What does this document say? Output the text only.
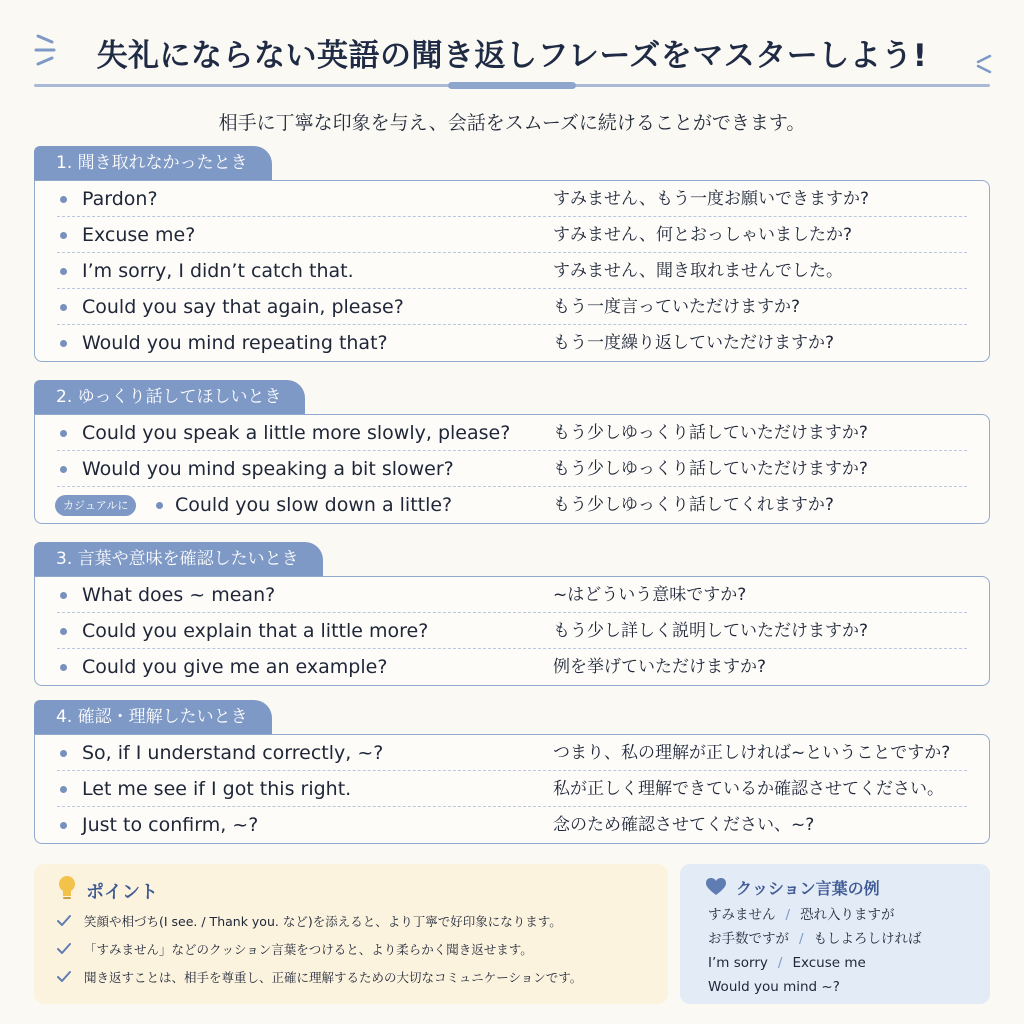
失礼にならない英語の聞き返しフレーズをマスターしよう!
相手に丁寧な印象を与え、会話をスムーズに続けることができます。
1. 聞き取れなかったとき
Pardon?	すみません、もう一度お願いできますか?
Excuse me?	すみません、何とおっしゃいましたか?
I’m sorry, I didn’t catch that.	すみません、聞き取れませんでした。
Could you say that again, please?	もう一度言っていただけますか?
Would you mind repeating that?	もう一度繰り返していただけますか?
2. ゆっくり話してほしいとき
Could you speak a little more slowly, please?	もう少しゆっくり話していただけますか?
Would you mind speaking a bit slower?	もう少しゆっくり話していただけますか?
カジュアルに	Could you slow down a little?	もう少しゆっくり話してくれますか?
3. 言葉や意味を確認したいとき
What does ~ mean?	~はどういう意味ですか?
Could you explain that a little more?	もう少し詳しく説明していただけますか?
Could you give me an example?	例を挙げていただけますか?
4. 確認・理解したいとき
So, if I understand correctly, ~?	つまり、私の理解が正しければ~ということですか?
Let me see if I got this right.	私が正しく理解できているか確認させてください。
Just to confirm, ~?	念のため確認させてください、~?
ポイント
笑顔や相づち(I see. / Thank you. など)を添えると、より丁寧で好印象になります。
「すみません」などのクッション言葉をつけると、より柔らかく聞き返せます。
聞き返すことは、相手を尊重し、正確に理解するための大切なコミュニケーションです。
クッション言葉の例
すみません / 恐れ入りますが
お手数ですが / もしよろしければ
I’m sorry / Excuse me
Would you mind ~?
